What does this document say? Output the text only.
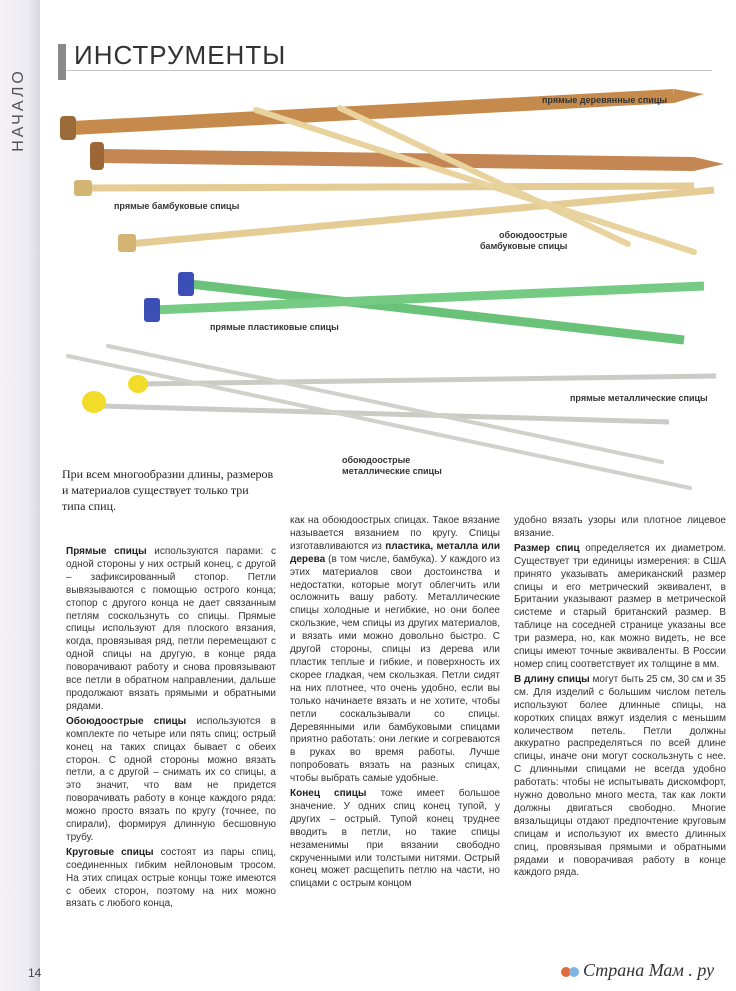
НАЧАЛО
ИНСТРУМЕНТЫ
прямые деревянные спицы
прямые бамбуковые спицы
обоюдоострые
бамбуковые спицы
прямые пластиковые спицы
прямые металлические спицы
обоюдоострые
металлические спицы
При всем многообразии длины, размеров и материалов существует только три типа спиц.

Прямые спицы используются парами: с одной стороны у них острый конец, с другой – зафиксированный стопор. Петли вывязываются с помощью острого конца; стопор с другого конца не дает связанным петлям соскользнуть со спицы. Прямые спицы используют для плоского вязания, когда, провязывая ряд, петли перемещают с одной спицы на другую, в конце ряда поворачивают работу и снова провязывают все петли в обратном направлении, дальше продолжают вязать прямыми и обратными рядами.

Обоюдоострые спицы используются в комплекте по четыре или пять спиц; острый конец на таких спицах бывает с обеих сторон. С одной стороны можно вязать петли, а с другой – снимать их со спицы, а это значит, что вам не придется поворачивать работу в конце каждого ряда: можно просто вязать по кругу (точнее, по спирали), формируя длинную бесшовную трубу.

Круговые спицы состоят из пары спиц, соединенных гибким нейлоновым тросом. На этих спицах острые концы тоже имеются с обеих сторон, поэтому на них можно вязать с любого конца,

как на обоюдоострых спицах. Такое вязание называется вязанием по кругу. Спицы изготавливаются из пластика, металла или дерева (в том числе, бамбука). У каждого из этих материалов свои достоинства и недостатки, которые могут облегчить или осложнить вашу работу. Металлические спицы холодные и негибкие, но они более скользкие, чем спицы из других материалов, и вязать ими можно довольно быстро. С другой стороны, спицы из дерева или пластик теплые и гибкие, и поверхность их скорее гладкая, чем скользкая. Петли сидят на них плотнее, что очень удобно, если вы только начинаете вязать и не хотите, чтобы петли соскальзывали со спицы. Деревянными или бамбуковыми спицами приятно работать: они легкие и согреваются в руках во время работы. Лучше попробовать вязать на разных спицах, чтобы выбрать самые удобные.

Конец спицы тоже имеет большое значение. У одних спиц конец тупой, у других – острый. Тупой конец труднее вводить в петли, но такие спицы незаменимы при вязании свободно скрученными или толстыми нитями. Острый конец может расщепить петлю на части, но спицами с острым концом

удобно вязать узоры или плотное лицевое вязание.

Размер спиц определяется их диаметром. Существует три единицы измерения: в США принято указывать американский размер спицы и его метрический эквивалент, в Британии указывают размер в метрической системе и старый британский размер. В таблице на соседней странице указаны все три размера, но, как можно видеть, не все спицы имеют точные эквиваленты. В России номер спиц соответствует их толщине в мм.

В длину спицы могут быть 25 см, 30 см и 35 см. Для изделий с большим числом петель используют более длинные спицы, на коротких спицах вяжут изделия с меньшим количеством петель. Петли должны аккуратно распределяться по всей длине спицы, иначе они могут соскользнуть с нее. С длинными спицами не всегда удобно работать: чтобы не испытывать дискомфорт, нужно довольно много места, так как локти должны двигаться свободно. Многие вязальщицы отдают предпочтение круговым спицам и используют их вместо длинных спиц, провязывая прямыми и обратными рядами и поворачивая работу в конце каждого ряда.

14	Страна Мам . ру
